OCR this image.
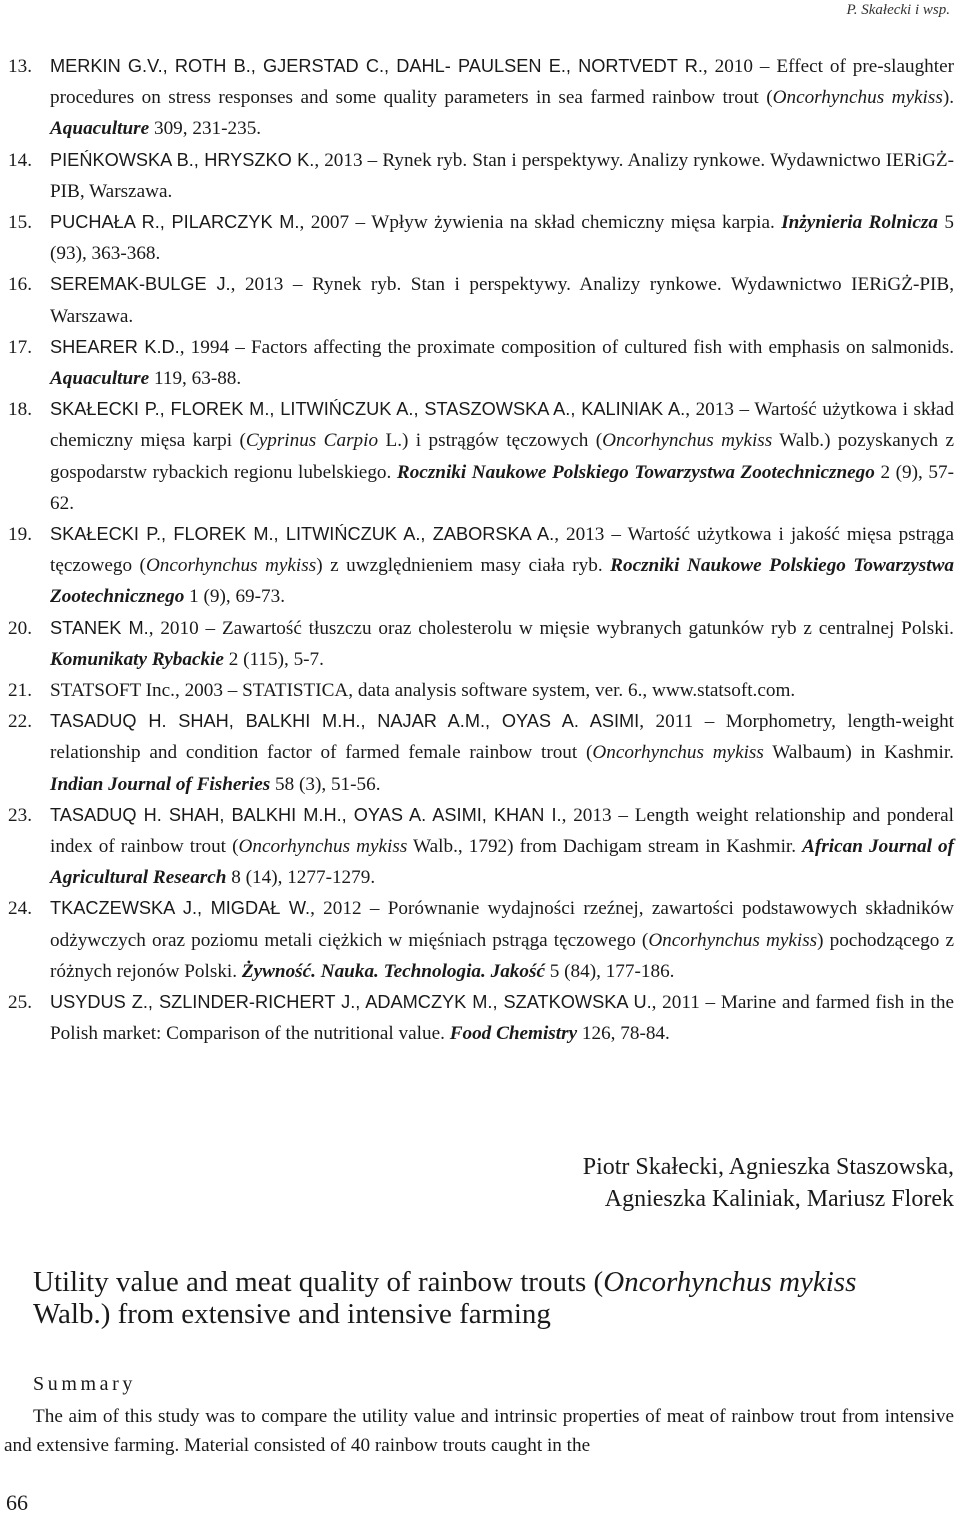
P. Skałecki i wsp.
13. MERKIN G.V., ROTH B., GJERSTAD C., DAHL- PAULSEN E., NORTVEDT R., 2010 – Effect of pre-slaughter procedures on stress responses and some quality parameters in sea farmed rainbow trout (Oncorhynchus mykiss). Aquaculture 309, 231-235.
14. PIEŃKOWSKA B., HRYSZKO K., 2013 – Rynek ryb. Stan i perspektywy. Analizy rynkowe. Wydawnictwo IERiGŻ-PIB, Warszawa.
15. PUCHAŁA R., PILARCZYK M., 2007 – Wpływ żywienia na skład chemiczny mięsa karpia. Inżynieria Rolnicza 5 (93), 363-368.
16. SEREMAK-BULGE J., 2013 – Rynek ryb. Stan i perspektywy. Analizy rynkowe. Wydawnictwo IERiGŻ-PIB, Warszawa.
17. SHEARER K.D., 1994 – Factors affecting the proximate composition of cultured fish with emphasis on salmonids. Aquaculture 119, 63-88.
18. SKAŁECKI P., FLOREK M., LITWIŃCZUK A., STASZOWSKA A., KALINIAK A., 2013 – Wartość użytkowa i skład chemiczny mięsa karpi (Cyprinus Carpio L.) i pstrągów tęczowych (Oncorhynchus mykiss Walb.) pozyskanych z gospodarstw rybackich regionu lubelskiego. Roczniki Naukowe Polskiego Towarzystwa Zootechnicznego 2 (9), 57-62.
19. SKAŁECKI P., FLOREK M., LITWIŃCZUK A., ZABORSKA A., 2013 – Wartość użytkowa i jakość mięsa pstrąga tęczowego (Oncorhynchus mykiss) z uwzględnieniem masy ciała ryb. Roczniki Naukowe Polskiego Towarzystwa Zootechnicznego 1 (9), 69-73.
20. STANEK M., 2010 – Zawartość tłuszczu oraz cholesterolu w mięsie wybranych gatunków ryb z centralnej Polski. Komunikaty Rybackie 2 (115), 5-7.
21. STATSOFT Inc., 2003 – STATISTICA, data analysis software system, ver. 6., www.statsoft.com.
22. TASADUQ H. SHAH, BALKHI M.H., NAJAR A.M., OYAS A. ASIMI, 2011 – Morphometry, length-weight relationship and condition factor of farmed female rainbow trout (Oncorhynchus mykiss Walbaum) in Kashmir. Indian Journal of Fisheries 58 (3), 51-56.
23. TASADUQ H. SHAH, BALKHI M.H., OYAS A. ASIMI, KHAN I., 2013 – Length weight relationship and ponderal index of rainbow trout (Oncorhynchus mykiss Walb., 1792) from Dachigam stream in Kashmir. African Journal of Agricultural Research 8 (14), 1277-1279.
24. TKACZEWSKA J., MIGDAŁ W., 2012 – Porównanie wydajności rzeźnej, zawartości podstawowych składników odżywczych oraz poziomu metali ciężkich w mięśniach pstrąga tęczowego (Oncorhynchus mykiss) pochodzącego z różnych rejonów Polski. Żywność. Nauka. Technologia. Jakość 5 (84), 177-186.
25. USYDUS Z., SZLINDER-RICHERT J., ADAMCZYK M., SZATKOWSKA U., 2011 – Marine and farmed fish in the Polish market: Comparison of the nutritional value. Food Chemistry 126, 78-84.
Piotr Skałecki, Agnieszka Staszowska,
Agnieszka Kaliniak, Mariusz Florek
Utility value and meat quality of rainbow trouts (Oncorhynchus mykiss Walb.) from extensive and intensive farming
Summary
The aim of this study was to compare the utility value and intrinsic properties of meat of rainbow trout from intensive and extensive farming. Material consisted of 40 rainbow trouts caught in the
66
